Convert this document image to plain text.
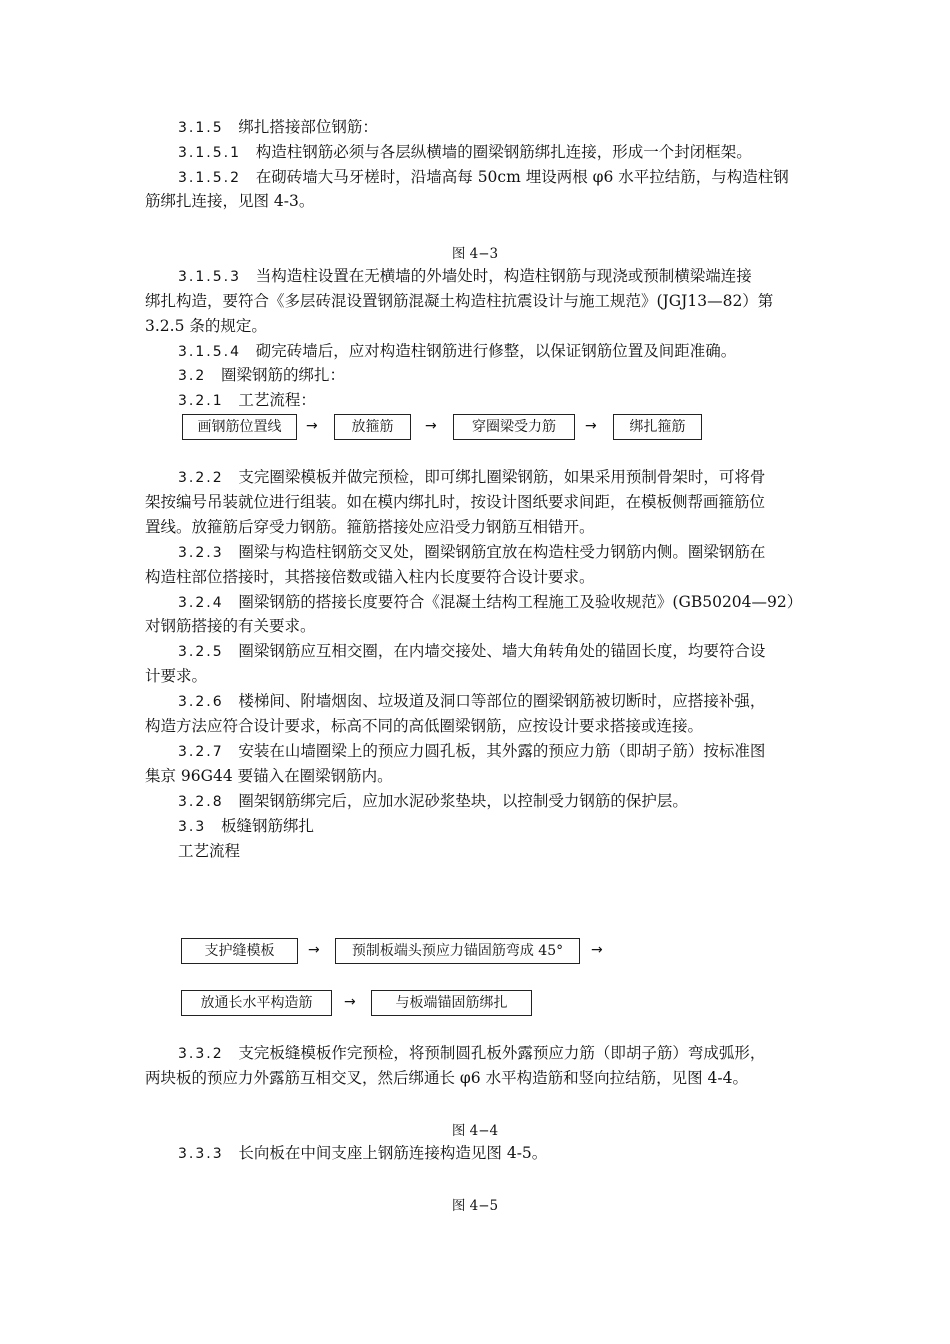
3.1.5 绑扎搭接部位钢筋：
3.1.5.1 构造柱钢筋必须与各层纵横墙的圈梁钢筋绑扎连接，形成一个封闭框架。
3.1.5.2 在砌砖墙大马牙槎时，沿墙高每 50cm 埋设两根 φ6 水平拉结筋，与构造柱钢
筋绑扎连接，见图 4-3。
图 4−3
3.1.5.3 当构造柱设置在无横墙的外墙处时，构造柱钢筋与现浇或预制横梁端连接
绑扎构造，要符合《多层砖混设置钢筋混凝土构造柱抗震设计与施工规范》(JGJ13—82）第
3.2.5 条的规定。
3.1.5.4 砌完砖墙后，应对构造柱钢筋进行修整，以保证钢筋位置及间距准确。
3.2 圈梁钢筋的绑扎：
3.2.1 工艺流程：
画钢筋位置线	→	放箍筋	→	穿圈梁受力筋	→	绑扎箍筋
3.2.2 支完圈梁模板并做完预检，即可绑扎圈梁钢筋，如果采用预制骨架时，可将骨
架按编号吊装就位进行组装。如在模内绑扎时，按设计图纸要求间距，在模板侧帮画箍筋位
置线。放箍筋后穿受力钢筋。箍筋搭接处应沿受力钢筋互相错开。
3.2.3 圈梁与构造柱钢筋交叉处，圈梁钢筋宜放在构造柱受力钢筋内侧。圈梁钢筋在
构造柱部位搭接时，其搭接倍数或锚入柱内长度要符合设计要求。
3.2.4 圈梁钢筋的搭接长度要符合《混凝土结构工程施工及验收规范》(GB50204—92）
对钢筋搭接的有关要求。
3.2.5 圈梁钢筋应互相交圈，在内墙交接处、墙大角转角处的锚固长度，均要符合设
计要求。
3.2.6 楼梯间、附墙烟囱、垃圾道及洞口等部位的圈梁钢筋被切断时，应搭接补强，
构造方法应符合设计要求，标高不同的高低圈梁钢筋，应按设计要求搭接或连接。
3.2.7 安装在山墙圈梁上的预应力圆孔板，其外露的预应力筋（即胡子筋）按标准图
集京 96G44 要锚入在圈梁钢筋内。
3.2.8 圈架钢筋绑完后，应加水泥砂浆垫块，以控制受力钢筋的保护层。
3.3 板缝钢筋绑扎
工艺流程
支护缝模板	→	预制板端头预应力锚固筋弯成 45°	→
放通长水平构造筋	→	与板端锚固筋绑扎
3.3.2 支完板缝模板作完预检，将预制圆孔板外露预应力筋（即胡子筋）弯成弧形，
两块板的预应力外露筋互相交叉，然后绑通长 φ6 水平构造筋和竖向拉结筋，见图 4-4。
图 4−4
3.3.3 长向板在中间支座上钢筋连接构造见图 4-5。
图 4−5
